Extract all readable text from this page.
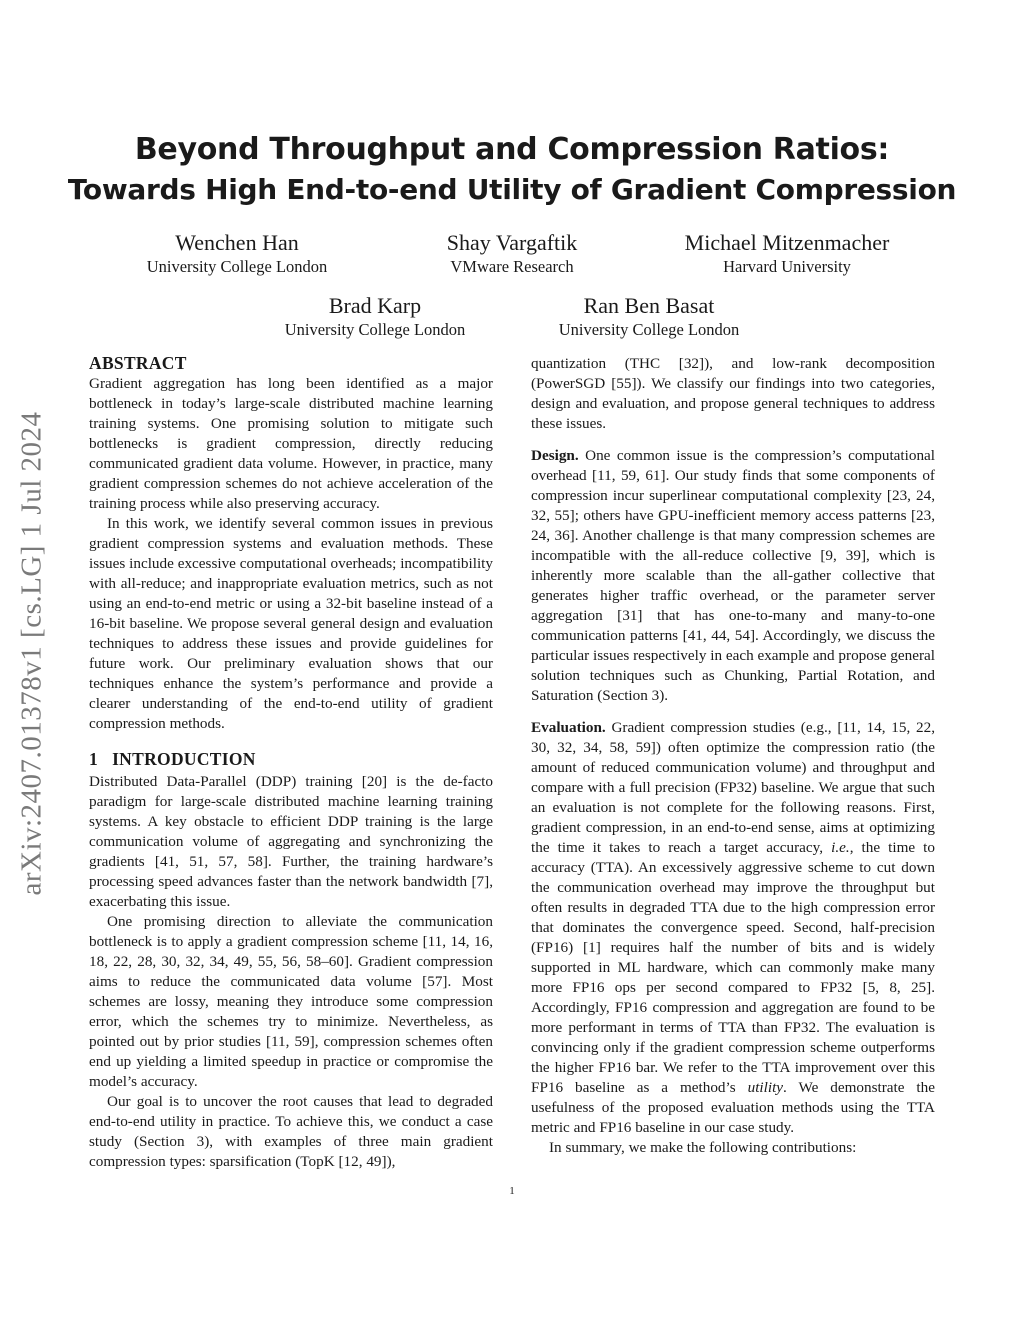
arXiv:2407.01378v1 [cs.LG] 1 Jul 2024
Beyond Throughput and Compression Ratios:
Towards High End-to-end Utility of Gradient Compression
Wenchen Han
University College London
Shay Vargaftik
VMware Research
Michael Mitzenmacher
Harvard University
Brad Karp
University College London
Ran Ben Basat
University College London
ABSTRACT

Gradient aggregation has long been identified as a major bottleneck in today’s large-scale distributed machine learning training systems. One promising solution to mitigate such bottlenecks is gradient compression, directly reducing communicated gradient data volume. However, in practice, many gradient compression schemes do not achieve acceleration of the training process while also preserving accuracy.

In this work, we identify several common issues in previous gradient compression systems and evaluation methods. These issues include excessive computational overheads; incompatibility with all-reduce; and inappropriate evaluation metrics, such as not using an end-to-end metric or using a 32-bit baseline instead of a 16-bit baseline. We propose several general design and evaluation techniques to address these issues and provide guidelines for future work. Our preliminary evaluation shows that our techniques enhance the system’s performance and provide a clearer understanding of the end-to-end utility of gradient compression methods.

1   INTRODUCTION

Distributed Data-Parallel (DDP) training [20] is the de-facto paradigm for large-scale distributed machine learning training systems. A key obstacle to efficient DDP training is the large communication volume of aggregating and synchronizing the gradients [41, 51, 57, 58]. Further, the training hardware’s processing speed advances faster than the network bandwidth [7], exacerbating this issue.

One promising direction to alleviate the communication bottleneck is to apply a gradient compression scheme [11, 14, 16, 18, 22, 28, 30, 32, 34, 49, 55, 56, 58–60]. Gradient compression aims to reduce the communicated data volume [57]. Most schemes are lossy, meaning they introduce some compression error, which the schemes try to minimize. Nevertheless, as pointed out by prior studies [11, 59], compression schemes often end up yielding a limited speedup in practice or compromise the model’s accuracy.

Our goal is to uncover the root causes that lead to degraded end-to-end utility in practice. To achieve this, we conduct a case study (Section 3), with examples of three main gradient compression types: sparsification (TopK [12, 49]),

quantization (THC [32]), and low-rank decomposition (PowerSGD [55]). We classify our findings into two categories, design and evaluation, and propose general techniques to address these issues.

Design. One common issue is the compression’s computational overhead [11, 59, 61]. Our study finds that some components of compression incur superlinear computational complexity [23, 24, 32, 55]; others have GPU-inefficient memory access patterns [23, 24, 36]. Another challenge is that many compression schemes are incompatible with the all-reduce collective [9, 39], which is inherently more scalable than the all-gather collective that generates higher traffic overhead, or the parameter server aggregation [31] that has one-to-many and many-to-one communication patterns [41, 44, 54]. Accordingly, we discuss the particular issues respectively in each example and propose general solution techniques such as Chunking, Partial Rotation, and Saturation (Section 3).

Evaluation. Gradient compression studies (e.g., [11, 14, 15, 22, 30, 32, 34, 58, 59]) often optimize the compression ratio (the amount of reduced communication volume) and throughput and compare with a full precision (FP32) baseline. We argue that such an evaluation is not complete for the following reasons. First, gradient compression, in an end-to-end sense, aims at optimizing the time it takes to reach a target accuracy, i.e., the time to accuracy (TTA). An excessively aggressive scheme to cut down the communication overhead may improve the throughput but often results in degraded TTA due to the high compression error that dominates the convergence speed. Second, half-precision (FP16) [1] requires half the number of bits and is widely supported in ML hardware, which can commonly make many more FP16 ops per second compared to FP32 [5, 8, 25]. Accordingly, FP16 compression and aggregation are found to be more performant in terms of TTA than FP32. The evaluation is convincing only if the gradient compression scheme outperforms the higher FP16 bar. We refer to the TTA improvement over this FP16 baseline as a method’s utility. We demonstrate the usefulness of the proposed evaluation methods using the TTA metric and FP16 baseline in our case study.

In summary, we make the following contributions:

1
